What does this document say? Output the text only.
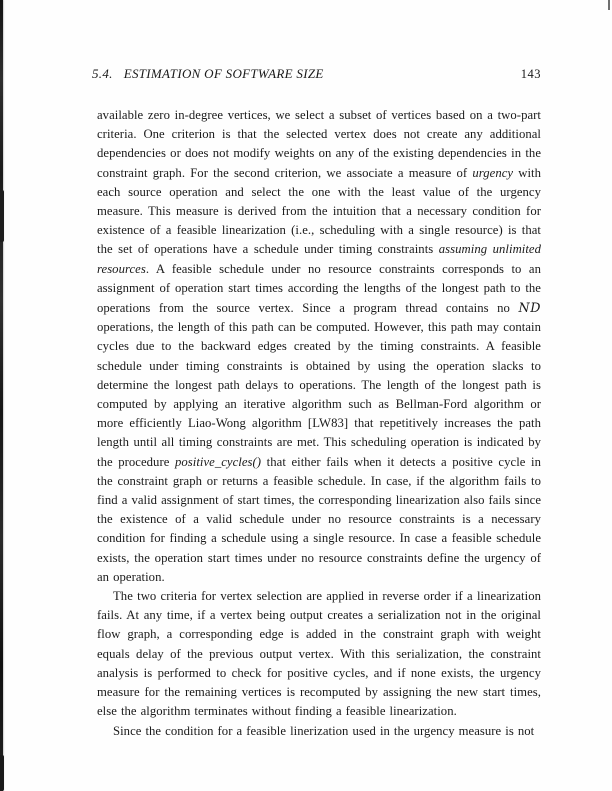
5.4. ESTIMATION OF SOFTWARE SIZE	143

available zero in-degree vertices, we select a subset of vertices based on a two-part criteria. One criterion is that the selected vertex does not create any additional dependencies or does not modify weights on any of the existing dependencies in the constraint graph. For the second criterion, we associate a measure of urgency with each source operation and select the one with the least value of the urgency measure. This measure is derived from the intuition that a necessary condition for existence of a feasible linearization (i.e., scheduling with a single resource) is that the set of operations have a schedule under timing constraints assuming unlimited resources. A feasible schedule under no resource constraints corresponds to an assignment of operation start times according the lengths of the longest path to the operations from the source vertex. Since a program thread contains no ND operations, the length of this path can be computed. However, this path may contain cycles due to the backward edges created by the timing constraints. A feasible schedule under timing constraints is obtained by using the operation slacks to determine the longest path delays to operations. The length of the longest path is computed by applying an iterative algorithm such as Bellman-Ford algorithm or more efficiently Liao-Wong algorithm [LW83] that repetitively increases the path length until all timing constraints are met. This scheduling operation is indicated by the procedure positive_cycles() that either fails when it detects a positive cycle in the constraint graph or returns a feasible schedule. In case, if the algorithm fails to find a valid assignment of start times, the corresponding linearization also fails since the existence of a valid schedule under no resource constraints is a necessary condition for finding a schedule using a single resource. In case a feasible schedule exists, the operation start times under no resource constraints define the urgency of an operation.

The two criteria for vertex selection are applied in reverse order if a linearization fails. At any time, if a vertex being output creates a serialization not in the original flow graph, a corresponding edge is added in the constraint graph with weight equals delay of the previous output vertex. With this serialization, the constraint analysis is performed to check for positive cycles, and if none exists, the urgency measure for the remaining vertices is recomputed by assigning the new start times, else the algorithm terminates without finding a feasible linearization.

Since the condition for a feasible linerization used in the urgency measure is not
